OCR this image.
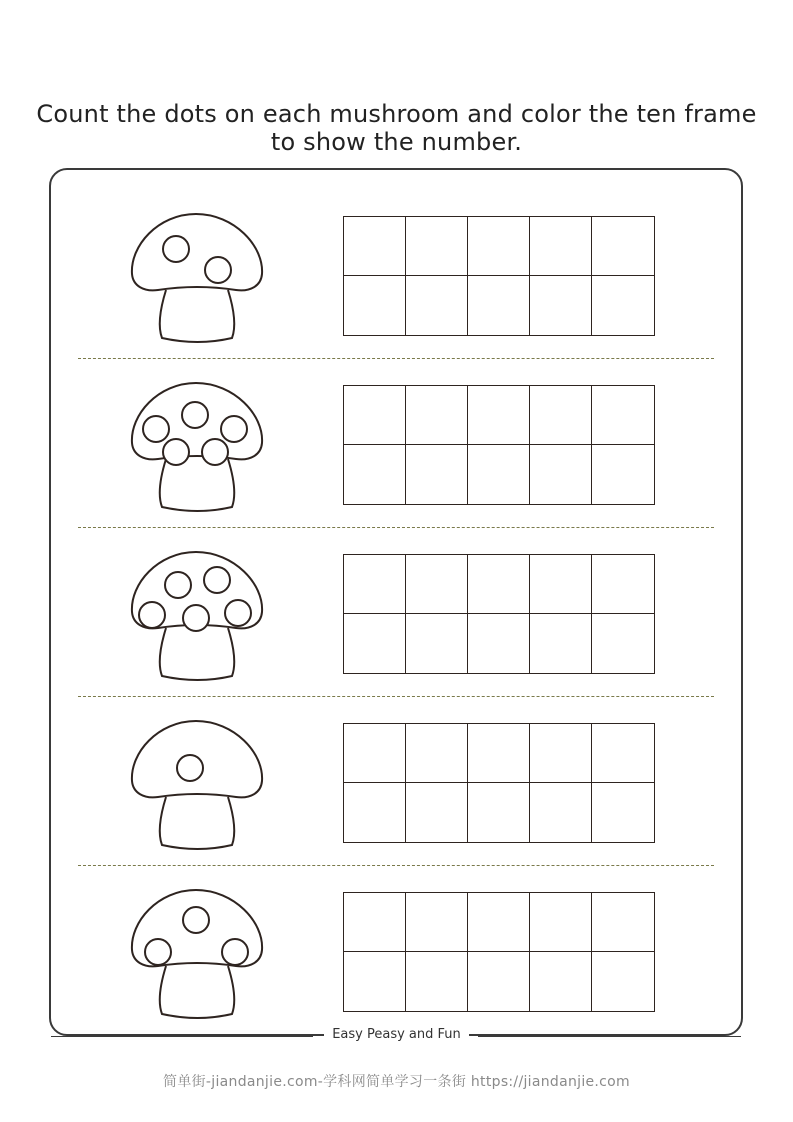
Count the dots on each mushroom and color the ten frame
to show the number.
Easy Peasy and Fun
简单街-jiandanjie.com-学科网简单学习一条街 https://jiandanjie.com
